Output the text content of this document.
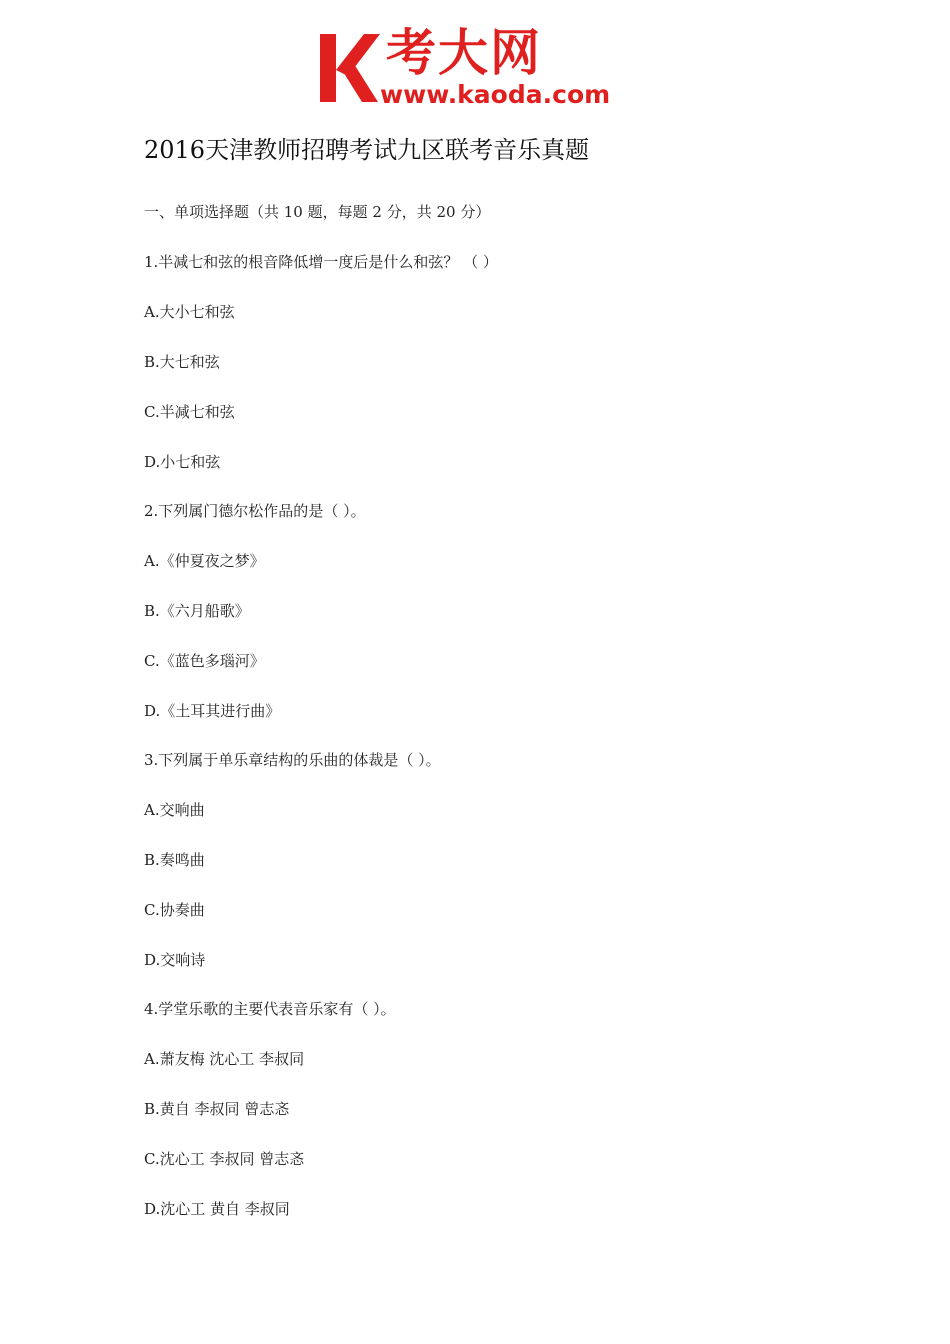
考大网
www.kaoda.com
2016天津教师招聘考试九区联考音乐真题
一、单项选择题（共 10 题，每题 2 分，共 20 分）
1.半减七和弦的根音降低增一度后是什么和弦？ （ ）
A.大小七和弦
B.大七和弦
C.半减七和弦
D.小七和弦
2.下列属门德尔松作品的是（ ）。
A.《仲夏夜之梦》
B.《六月船歌》
C.《蓝色多瑙河》
D.《土耳其进行曲》
3.下列属于单乐章结构的乐曲的体裁是（ ）。
A.交响曲
B.奏鸣曲
C.协奏曲
D.交响诗
4.学堂乐歌的主要代表音乐家有（ ）。
A.萧友梅 沈心工 李叔同
B.黄自 李叔同 曾志忞
C.沈心工 李叔同 曾志忞
D.沈心工 黄自 李叔同
